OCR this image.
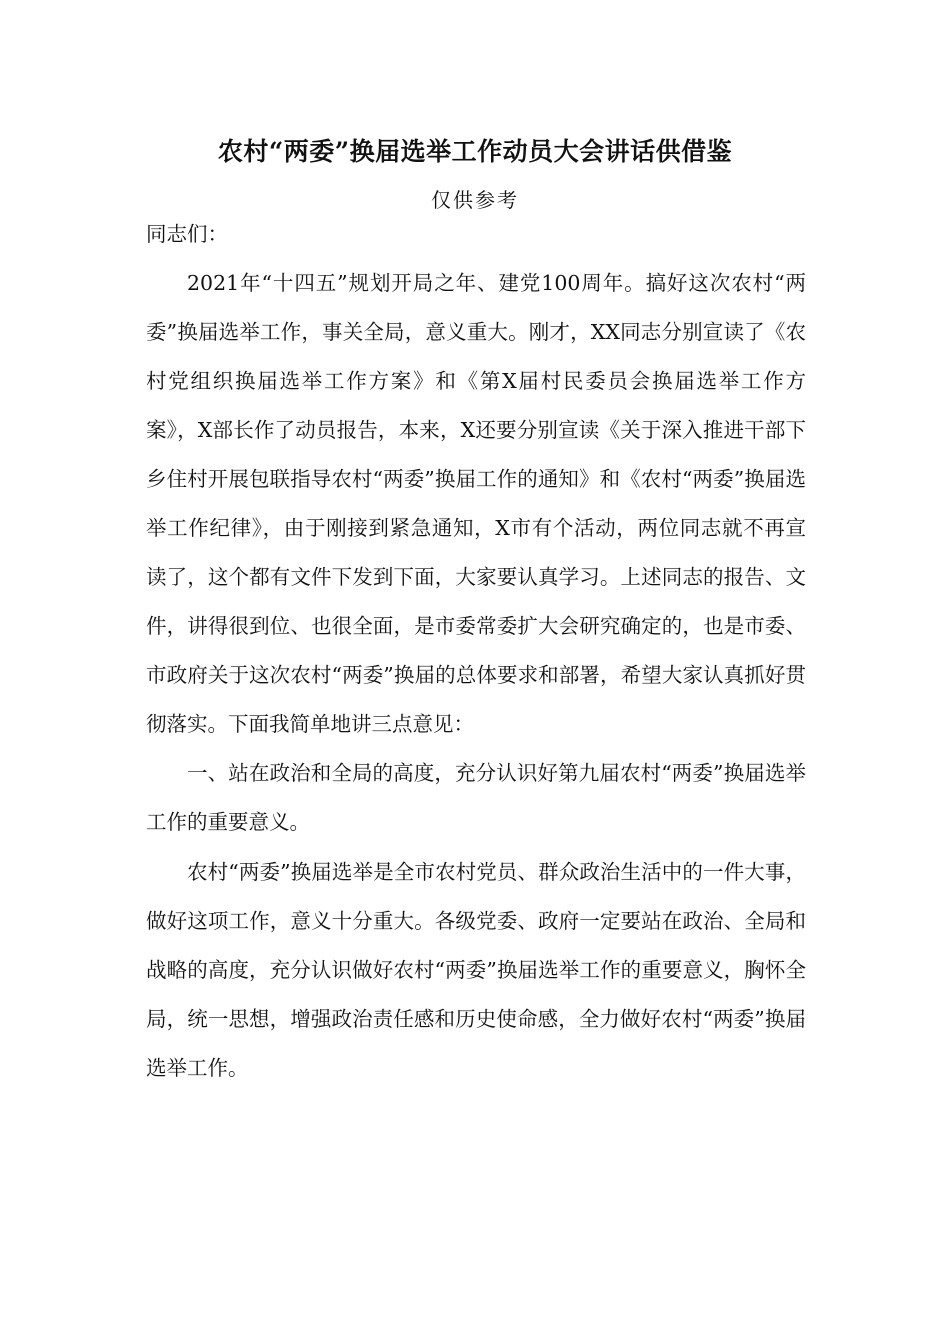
农村“两委”换届选举工作动员大会讲话供借鉴
仅供参考

同志们：

2021年“十四五”规划开局之年、建党100周年。搞好这次农村“两委”换届选举工作，事关全局，意义重大。刚才，XX同志分别宣读了《农村党组织换届选举工作方案》和《第X届村民委员会换届选举工作方案》，X部长作了动员报告，本来，X还要分别宣读《关于深入推进干部下乡住村开展包联指导农村“两委”换届工作的通知》和《农村“两委”换届选举工作纪律》，由于刚接到紧急通知，X市有个活动，两位同志就不再宣读了，这个都有文件下发到下面，大家要认真学习。上述同志的报告、文件，讲得很到位、也很全面，是市委常委扩大会研究确定的，也是市委、市政府关于这次农村“两委”换届的总体要求和部署，希望大家认真抓好贯彻落实。下面我简单地讲三点意见：

一、站在政治和全局的高度，充分认识好第九届农村“两委”换届选举工作的重要意义。

农村“两委”换届选举是全市农村党员、群众政治生活中的一件大事，做好这项工作，意义十分重大。各级党委、政府一定要站在政治、全局和战略的高度，充分认识做好农村“两委”换届选举工作的重要意义，胸怀全局，统一思想，增强政治责任感和历史使命感，全力做好农村“两委”换届选举工作。
